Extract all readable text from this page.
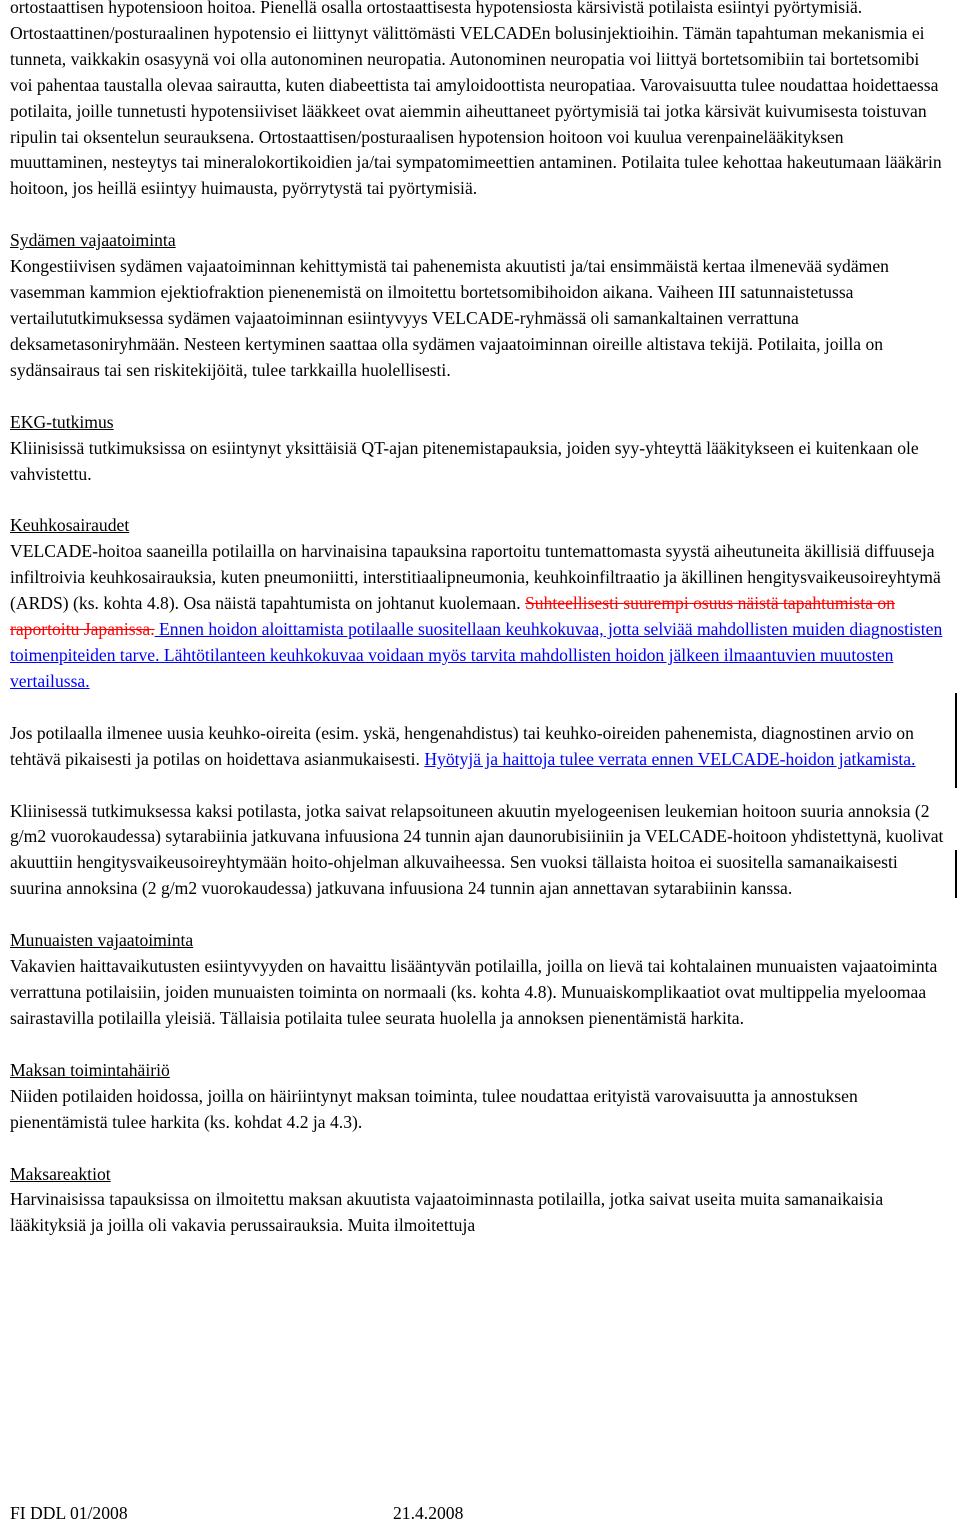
ortostaattisen hypotensioon hoitoa. Pienellä osalla ortostaattisesta hypotensiosta kärsivistä potilaista esiintyi pyörtymisiä. Ortostaattinen/posturaalinen hypotensio ei liittynyt välittömästi VELCADEn bolusinjektioihin. Tämän tapahtuman mekanismia ei tunneta, vaikkakin osasyynä voi olla autonominen neuropatia. Autonominen neuropatia voi liittyä bortetsomibiin tai bortetsomibi voi pahentaa taustalla olevaa sairautta, kuten diabeettista tai amyloidoottista neuropatiaa. Varovaisuutta tulee noudattaa hoidettaessa potilaita, joille tunnetusti hypotensiiviset lääkkeet ovat aiemmin aiheuttaneet pyörtymisiä tai jotka kärsivät kuivumisesta toistuvan ripulin tai oksentelun seurauksena. Ortostaattisen/posturaalisen hypotension hoitoon voi kuulua verenpainelääkityksen muuttaminen, nesteytys tai mineralokortikoidien ja/tai sympatomimeettien antaminen. Potilaita tulee kehottaa hakeutumaan lääkärin hoitoon, jos heillä esiintyy huimausta, pyörrytystä tai pyörtymisiä.

Sydämen vajaatoiminta

Kongestiivisen sydämen vajaatoiminnan kehittymistä tai pahenemista akuutisti ja/tai ensimmäistä kertaa ilmenevää sydämen vasemman kammion ejektiofraktion pienenemistä on ilmoitettu bortetsomibihoidon aikana. Vaiheen III satunnaistetussa vertailututkimuksessa sydämen vajaatoiminnan esiintyvyys VELCADE-ryhmässä oli samankaltainen verrattuna deksametasoniryhmään. Nesteen kertyminen saattaa olla sydämen vajaatoiminnan oireille altistava tekijä. Potilaita, joilla on sydänsairaus tai sen riskitekijöitä, tulee tarkkailla huolellisesti.

EKG-tutkimus

Kliinisissä tutkimuksissa on esiintynyt yksittäisiä QT-ajan pitenemistapauksia, joiden syy-yhteyttä lääkitykseen ei kuitenkaan ole vahvistettu.

Keuhkosairaudet

VELCADE-hoitoa saaneilla potilailla on harvinaisina tapauksina raportoitu tuntemattomasta syystä aiheutuneita äkillisiä diffuuseja infiltroivia keuhkosairauksia, kuten pneumoniitti, interstitiaalipneumonia, keuhkoinfiltraatio ja äkillinen hengitysvaikeusoireyhtymä (ARDS) (ks. kohta 4.8). Osa näistä tapahtumista on johtanut kuolemaan. Suhteellisesti suurempi osuus näistä tapahtumista on raportoitu Japanissa. Ennen hoidon aloittamista potilaalle suositellaan keuhkokuvaa, jotta selviää mahdollisten muiden diagnostisten toimenpiteiden tarve. Lähtötilanteen keuhkokuvaa voidaan myös tarvita mahdollisten hoidon jälkeen ilmaantuvien muutosten vertailussa.

Jos potilaalla ilmenee uusia keuhko-oireita (esim. yskä, hengenahdistus) tai keuhko-oireiden pahenemista, diagnostinen arvio on tehtävä pikaisesti ja potilas on hoidettava asianmukaisesti. Hyötyjä ja haittoja tulee verrata ennen VELCADE-hoidon jatkamista.

Kliinisessä tutkimuksessa kaksi potilasta, jotka saivat relapsoituneen akuutin myelogeenisen leukemian hoitoon suuria annoksia (2 g/m2 vuorokaudessa) sytarabiinia jatkuvana infuusiona 24 tunnin ajan daunorubisiiniin ja VELCADE-hoitoon yhdistettynä, kuolivat akuuttiin hengitysvaikeusoireyhtymään hoito-ohjelman alkuvaiheessa. Sen vuoksi tällaista hoitoa ei suositella samanaikaisesti suurina annoksina (2 g/m2 vuorokaudessa) jatkuvana infuusiona 24 tunnin ajan annettavan sytarabiinin kanssa.

Munuaisten vajaatoiminta

Vakavien haittavaikutusten esiintyvyyden on havaittu lisääntyvän potilailla, joilla on lievä tai kohtalainen munuaisten vajaatoiminta verrattuna potilaisiin, joiden munuaisten toiminta on normaali (ks. kohta 4.8). Munuaiskomplikaatiot ovat multippelia myeloomaa sairastavilla potilailla yleisiä. Tällaisia potilaita tulee seurata huolella ja annoksen pienentämistä harkita.

Maksan toimintahäiriö

Niiden potilaiden hoidossa, joilla on häiriintynyt maksan toiminta, tulee noudattaa erityistä varovaisuutta ja annostuksen pienentämistä tulee harkita (ks. kohdat 4.2 ja 4.3).

Maksareaktiot

Harvinaisissa tapauksissa on ilmoitettu maksan akuutista vajaatoiminnasta potilailla, jotka saivat useita muita samanaikaisia lääkityksiä ja joilla oli vakavia perussairauksia. Muita ilmoitettuja

FI DDL 01/2008	21.4.2008
